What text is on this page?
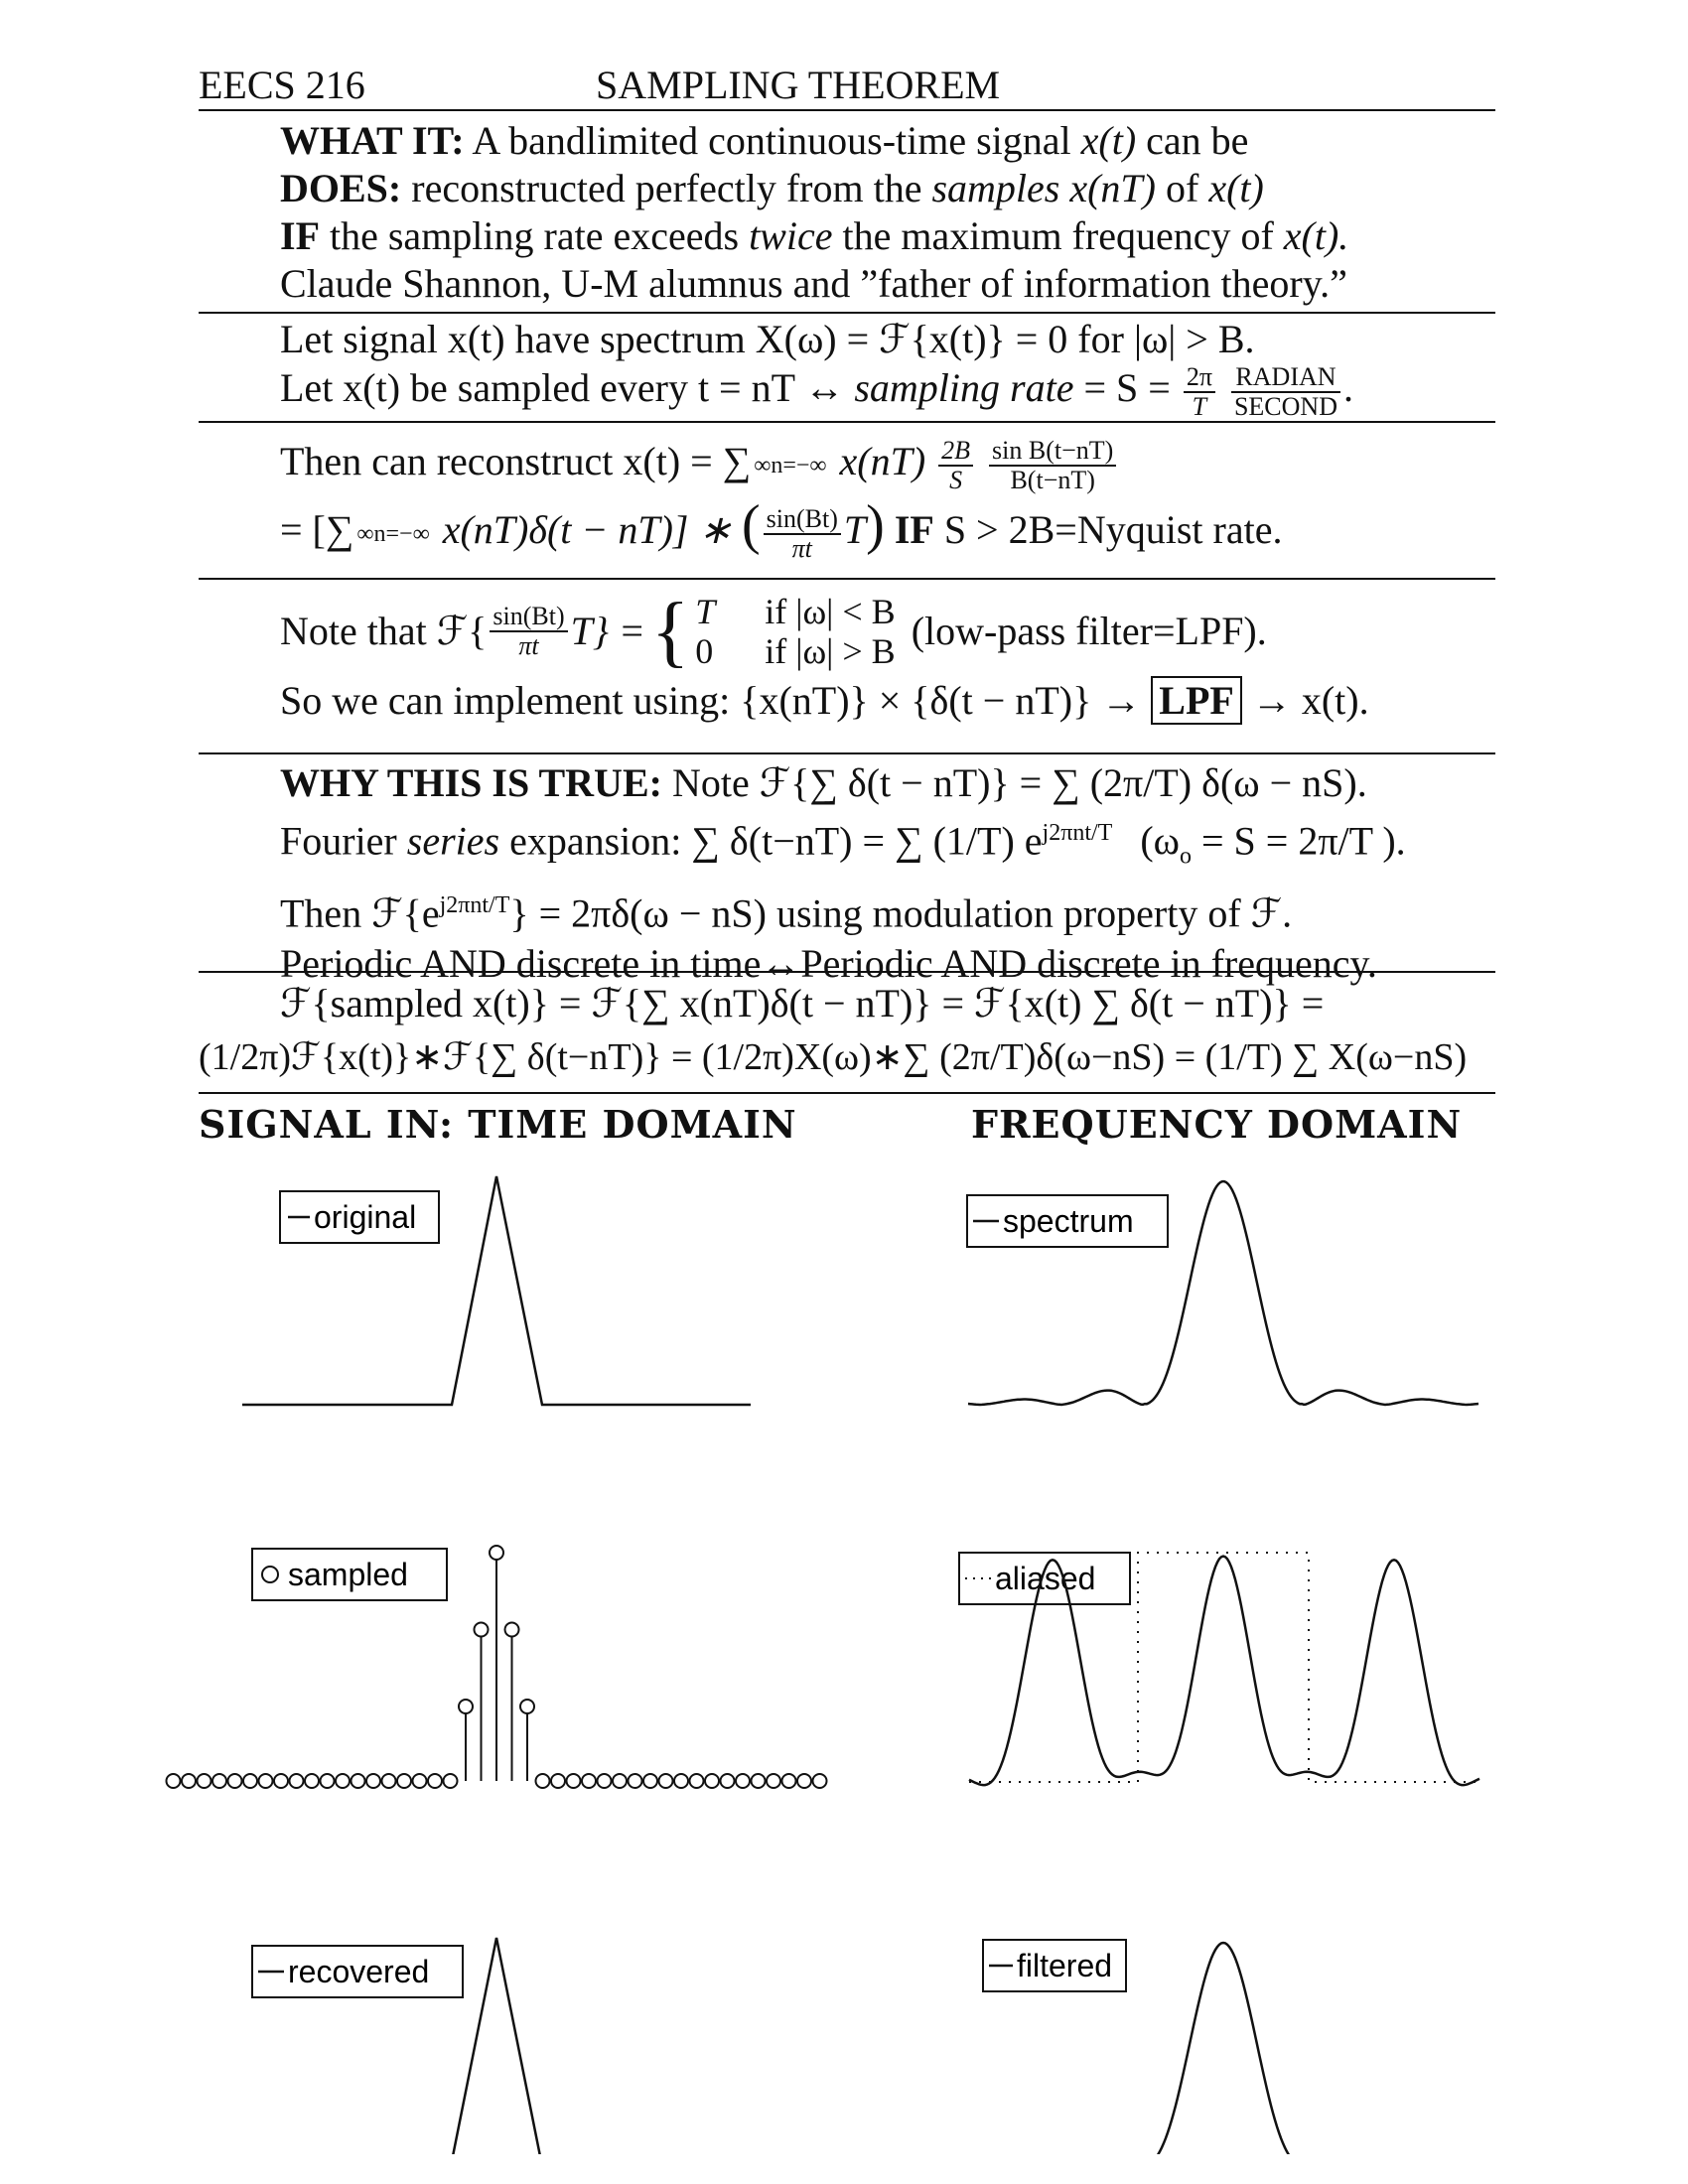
EECS 216	SAMPLING THEOREM
WHAT IT: A bandlimited continuous-time signal x(t) can be
DOES: reconstructed perfectly from the samples x(nT) of x(t)
IF the sampling rate exceeds twice the maximum frequency of x(t).
Claude Shannon, U-M alumnus and ”father of information theory.”
Let signal x(t) have spectrum X(ω) = ℱ{x(t)} = 0 for |ω| > B.
Let x(t) be sampled every t = nT ↔ sampling rate = $S = \frac{2\pi}{T}$
$\frac{\text{RADIAN}}{\text{SECOND}}$ .
Then can reconstruct x(t) = ∑ ∞n=−∞ $x(nT) \frac{2B}{S}$
$\frac{\text{sin B(t−nT)}}{B(t-nT)}$
= [∑ ∞n=−∞ x(nT)δ(t − nT)] ∗ ( $\frac{\sin(Bt)}{\pi t} T$) IF S > 2B=Nyquist rate.
Note that ℱ{ $\frac{\sin(Bt)}{\pi t} T$} = { T if |ω| < B
0 if |ω| > B (low-pass filter=LPF).
So we can implement using: {x(nT)} × {δ(t − nT)} → LPF → x(t).
WHY THIS IS TRUE: Note ℱ{∑ δ(t − nT)} = ∑ (2π/T) δ(ω − nS).
Fourier series expansion: ∑ δ(t−nT) = ∑ (1/T) $e^{j2\pi nt/T}$ ($\omega_o = S = 2\pi/T$ ).
Then $ℱ\{e^{j2\pi nt/T}\} = 2\pi\delta(\omega - nS)$ using modulation property of ℱ.
Periodic AND discrete in time↔Periodic AND discrete in frequency.
ℱ{sampled x(t)} = ℱ{∑ x(nT)δ(t − nT)} = ℱ{x(t) ∑ δ(t − nT)} =
(1/2π)ℱ{x(t)}∗ℱ{∑ δ(t−nT)} = (1/2π)X(ω)∗∑ (2π/T)δ(ω−nS) = (1/T) ∑ X(ω−nS)
SIGNAL IN: TIME DOMAIN	FREQUENCY DOMAIN
original	spectrum
sampled	aliased
recovered	filtered
